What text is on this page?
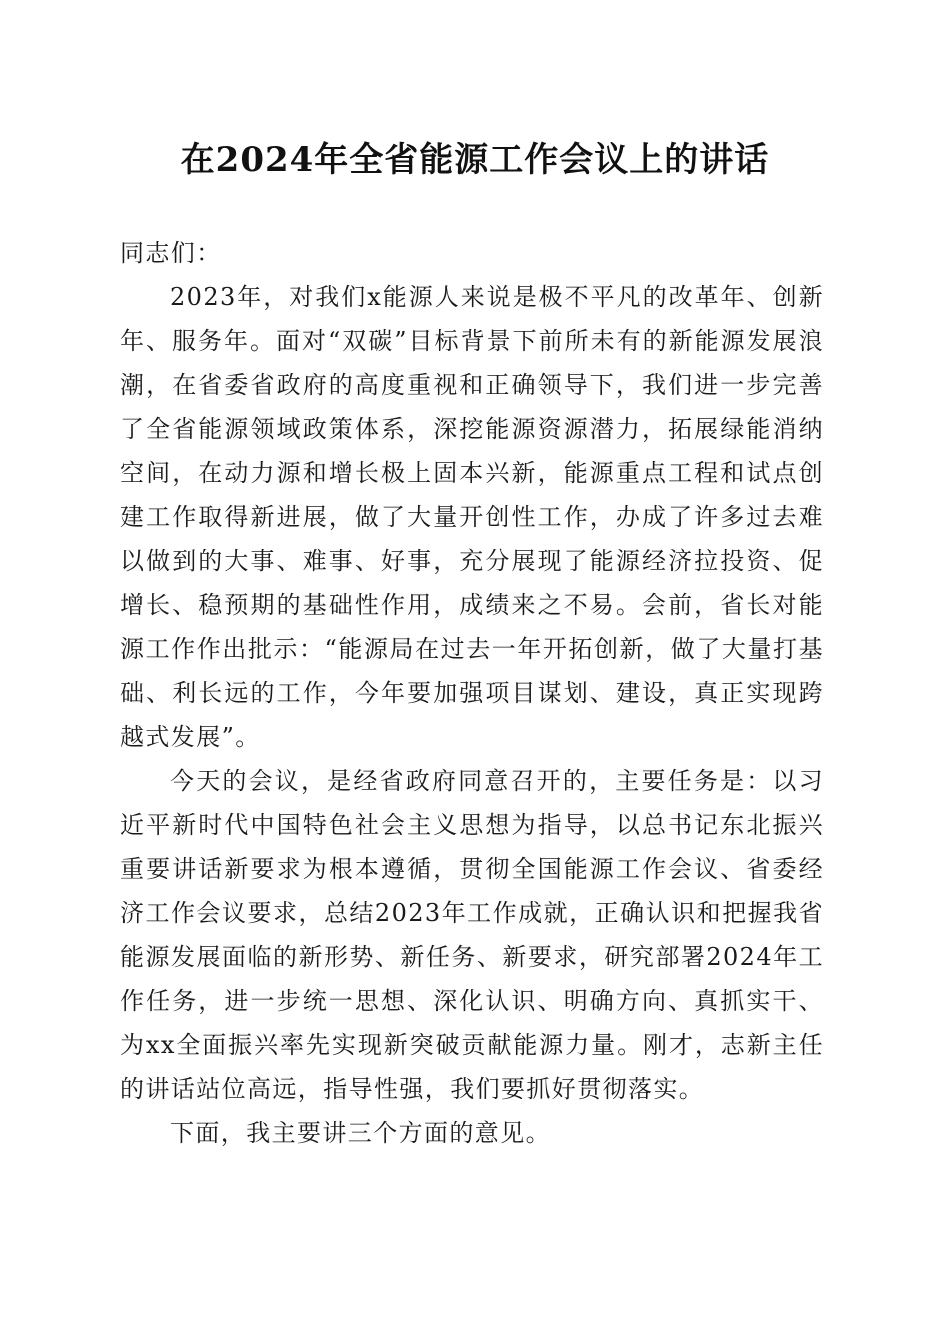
在2024年全省能源工作会议上的讲话

同志们：

2023年，对我们x能源人来说是极不平凡的改革年、创新年、服务年。面对“双碳”目标背景下前所未有的新能源发展浪潮，在省委省政府的高度重视和正确领导下，我们进一步完善了全省能源领域政策体系，深挖能源资源潜力，拓展绿能消纳空间，在动力源和增长极上固本兴新，能源重点工程和试点创建工作取得新进展，做了大量开创性工作，办成了许多过去难以做到的大事、难事、好事，充分展现了能源经济拉投资、促增长、稳预期的基础性作用，成绩来之不易。会前，省长对能源工作作出批示：“能源局在过去一年开拓创新，做了大量打基础、利长远的工作，今年要加强项目谋划、建设，真正实现跨越式发展”。

今天的会议，是经省政府同意召开的，主要任务是：以习近平新时代中国特色社会主义思想为指导，以总书记东北振兴重要讲话新要求为根本遵循，贯彻全国能源工作会议、省委经济工作会议要求，总结2023年工作成就，正确认识和把握我省能源发展面临的新形势、新任务、新要求，研究部署2024年工作任务，进一步统一思想、深化认识、明确方向、真抓实干、为xx全面振兴率先实现新突破贡献能源力量。刚才，志新主任的讲话站位高远，指导性强，我们要抓好贯彻落实。

下面，我主要讲三个方面的意见。
